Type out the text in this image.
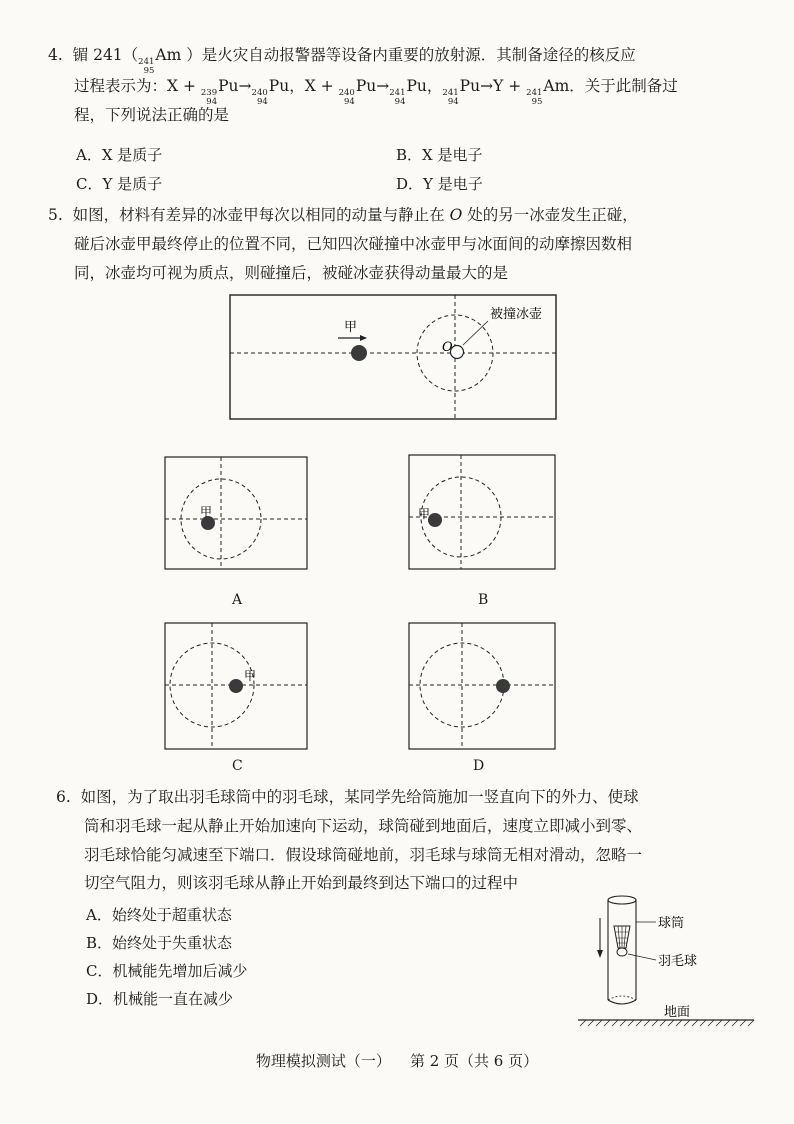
4. 镅 241（ 241
95
Am ）是火灾自动报警器等设备内重要的放射源．其制备途径的核反应
过程表示为：X + 239
94
Pu→ 240
94
Pu，X + 240
94
Pu→ 241
94
Pu， 241
94
Pu→Y + 241
95
Am．关于此制备过
程，下列说法正确的是
A．X 是质子	B．X 是电子
C．Y 是质子	D．Y 是电子
5. 如图，材料有差异的冰壶甲每次以相同的动量与静止在 O 处的另一冰壶发生正碰，
碰后冰壶甲最终停止的位置不同，已知四次碰撞中冰壶甲与冰面间的动摩擦因数相
同，冰壶均可视为质点，则碰撞后，被碰冰壶获得动量最大的是
甲
O
被撞冰壶
甲
A
甲
B
甲
C	D
6. 如图，为了取出羽毛球筒中的羽毛球，某同学先给筒施加一竖直向下的外力、使球
筒和羽毛球一起从静止开始加速向下运动，球筒碰到地面后，速度立即减小到零、
羽毛球恰能匀减速至下端口．假设球筒碰地前，羽毛球与球筒无相对滑动，忽略一
切空气阻力，则该羽毛球从静止开始到最终到达下端口的过程中
A．始终处于超重状态
B．始终处于失重状态
C．机械能先增加后减少
D．机械能一直在减少
球筒
羽毛球
地面
物理模拟测试（一） 第 2 页（共 6 页）
